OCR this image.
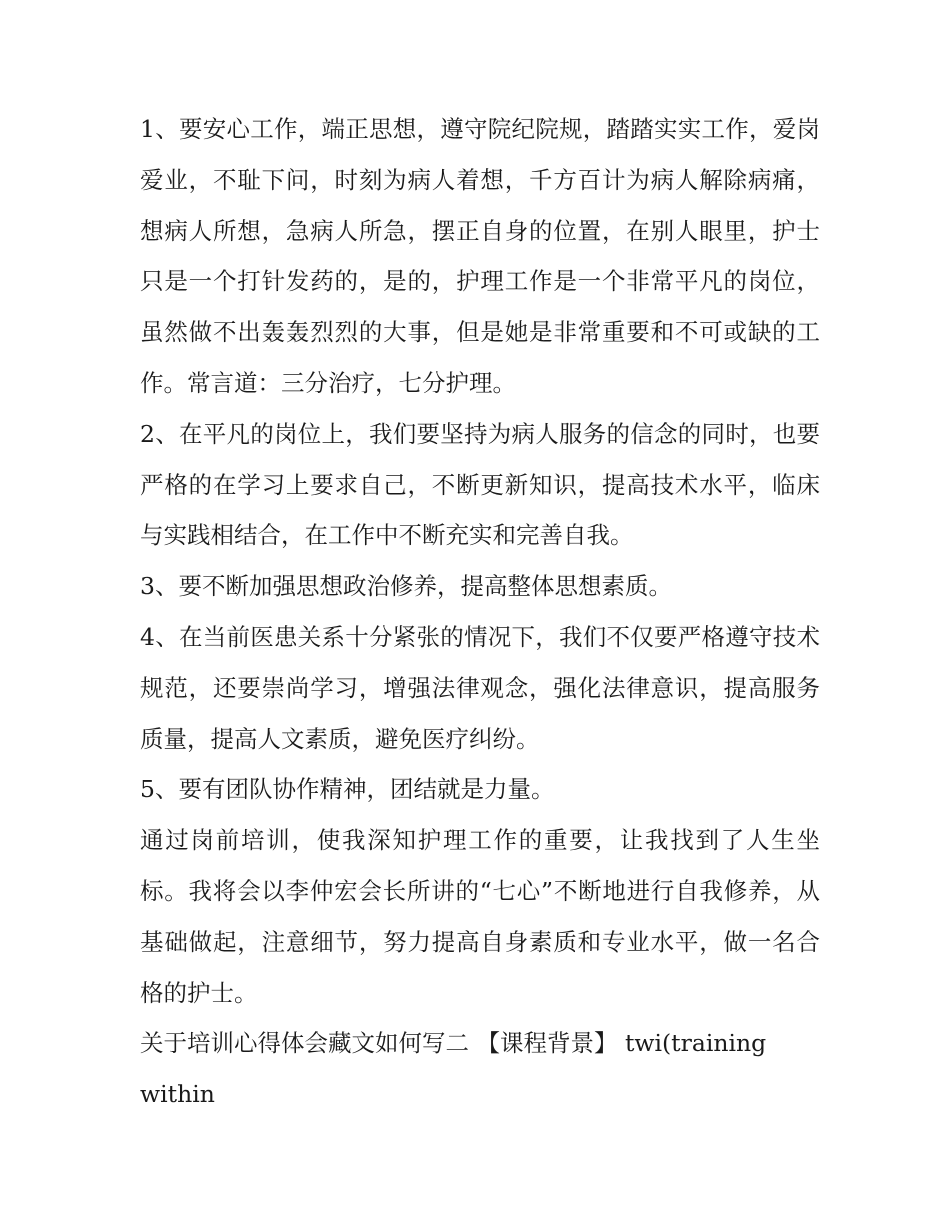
1、要安心工作，端正思想，遵守院纪院规，踏踏实实工作，爱岗爱业，不耻下问，时刻为病人着想，千方百计为病人解除病痛，想病人所想，急病人所急，摆正自身的位置，在别人眼里，护士只是一个打针发药的，是的，护理工作是一个非常平凡的岗位，虽然做不出轰轰烈烈的大事，但是她是非常重要和不可或缺的工作。常言道：三分治疗，七分护理。

2、在平凡的岗位上，我们要坚持为病人服务的信念的同时，也要严格的在学习上要求自己，不断更新知识，提高技术水平，临床与实践相结合，在工作中不断充实和完善自我。

3、要不断加强思想政治修养，提高整体思想素质。

4、在当前医患关系十分紧张的情况下，我们不仅要严格遵守技术规范，还要崇尚学习，增强法律观念，强化法律意识，提高服务质量，提高人文素质，避免医疗纠纷。

5、要有团队协作精神，团结就是力量。

通过岗前培训，使我深知护理工作的重要，让我找到了人生坐标。我将会以李仲宏会长所讲的“七心”不断地进行自我修养，从基础做起，注意细节，努力提高自身素质和专业水平，做一名合格的护士。

关于培训心得体会藏文如何写二 【课程背景】 twi(training within
